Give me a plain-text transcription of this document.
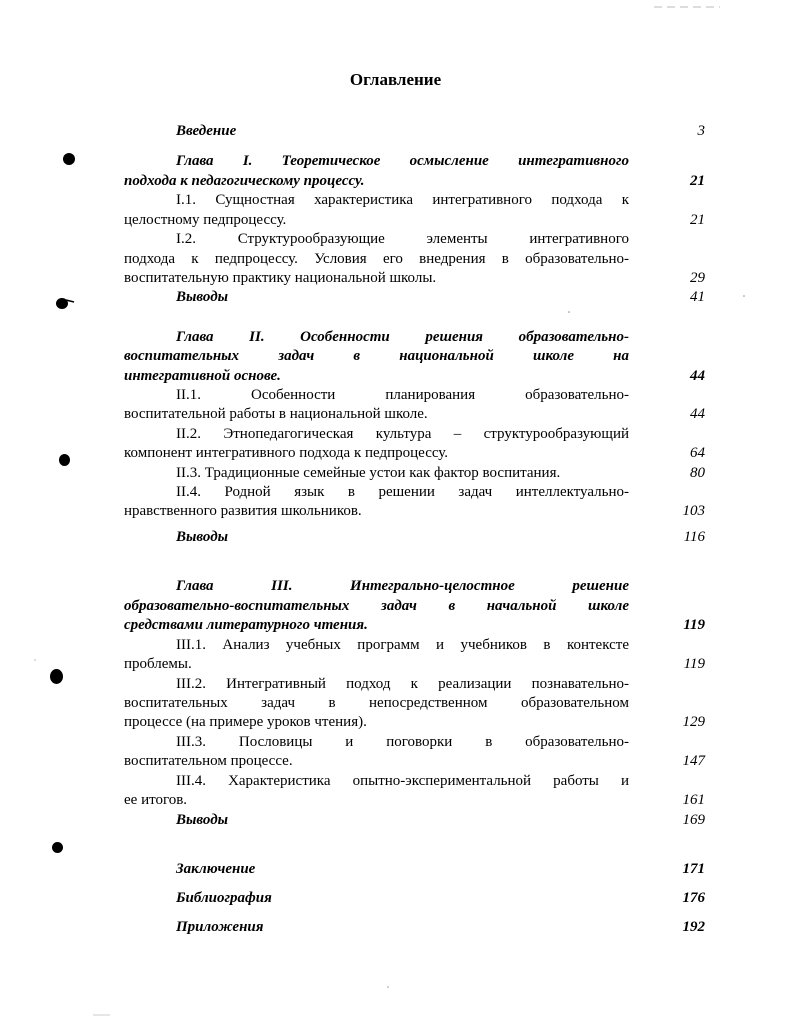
Оглавление
Введение	3
Глава I. Теоретическое осмысление интегративного
подхода к педагогическому процессу.	21
I.1. Сущностная характеристика интегративного подхода к
целостному педпроцессу.	21
I.2. Структурообразующие элементы интегративного
подхода к педпроцессу. Условия его внедрения в образовательно-
воспитательную практику национальной школы.	29
Выводы	41
Глава II. Особенности решения образовательно-
воспитательных задач в национальной школе на
интегративной основе.	44
II.1. Особенности планирования образовательно-
воспитательной работы в национальной школе.	44
II.2. Этнопедагогическая культура – структурообразующий
компонент интегративного подхода к педпроцессу.	64
II.3. Традиционные семейные устои как фактор воспитания.	80
II.4. Родной язык в решении задач интеллектуально-
нравственного развития школьников.	103
Выводы	116
Глава III. Интегрально-целостное решение
образовательно-воспитательных задач в начальной школе
средствами литературного чтения.	119
III.1. Анализ учебных программ и учебников в контексте
проблемы.	119
III.2. Интегративный подход к реализации познавательно-
воспитательных задач в непосредственном образовательном
процессе (на примере уроков чтения).	129
III.3. Пословицы и поговорки в образовательно-
воспитательном процессе.	147
III.4. Характеристика опытно-экспериментальной работы и
ее итогов.	161
Выводы	169
Заключение	171
Библиография	176
Приложения	192
